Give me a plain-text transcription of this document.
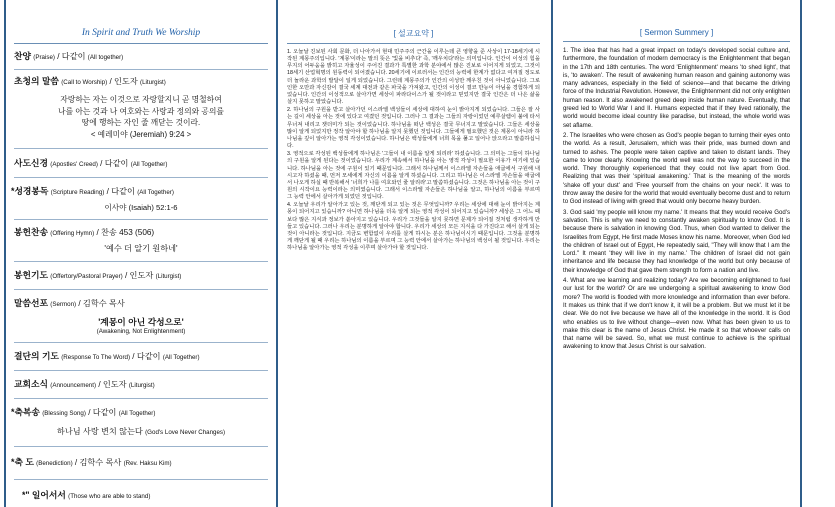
In Spirit and Truth We Worship
찬양 (Praise) / 다같이 (All together)
초청의 말씀 (Call to Worship) / 인도자 (Liturgist)
자랑하는 자는 이것으로 자랑할지니 곧 명철하여
나를 아는 것과 나 여호와는 사랑과 정의와 공의를
땅에 행하는 자인 줄 깨닫는 것이라.
< 예레미야 (Jeremiah) 9:24 >
사도신경 (Apostles' Creed) / 다같이 (All Together)
*성경봉독 (Scripture Reading) / 다같이 (All Together)
이사야 (Isaiah) 52:1-6
봉헌찬송 (Offering Hymn) / 찬송 453 (506)
'예수 더 알기 원하네'
봉헌기도 (Offertory/Pastoral Prayer) / 인도자 (Liturgist)
말씀선포 (Sermon) / 김학수 목사
'계몽이 아닌 각성으로'
(Awakening, Not Enlightenment)
결단의 기도 (Response To The Word) / 다같이 (All Together)
교회소식 (Announcement) / 인도자 (Liturgist)
*축복송 (Blessing Song) / 다같이 (All Together)
하나님 사랑 변치 않는다 (God's Love Never Changes)
*축 도 (Benediction) / 김학수 목사 (Rev. Haksu Kim)
*" 일어서서 (Those who are able to stand)
[ 설교요약 ]

1. 오늘날 진보된 사회 문화, 더 나아가서 현대 민주주의 근간을 이루는데 큰 영향을 준 사상이 17-18세기에 시작된 계몽주의입니다. '계몽'이라는 말의 뜻은 '빛을 비추다' 즉, '깨우치다'라는 의미입니다. 인간이 이성의 힘을 무지의 어두움을 밝히고 자율성이 주어진 결과가 특별한 과학 분야에서 많은 진보로 이어지게 되었고, 그것이 18세기 산업혁명의 원동력이 되어졌습니다. 20세기에 이르러서는 인간의 능력에 한계가 없다고 여겨질 정도로 더 놀라운 과학의 발달이 일게 되었습니다. 그런데 계몽주의가 인간의 이성만 깨우친 것이 아니었습니다. 그로 인한 오만과 자신감이 결국 세계 대전과 같은 파국을 가져왔고, 인간의 이성이 결코 만능이 아님을 경험하게 되었습니다. 인간의 이성적으로 살아가면 세상이 파라다이스가 될 것이라고 믿었지만 결국 인간은 더 나은 삶을 살지 못하고 말았습니다.

2. 하나님의 구원을 받고 살아가던 이스라엘 백성들이 세상에 대하여 눈이 밝아지게 되었습니다. 그들은 잘 사는 길이 세상을 아는 것에 있다고 여겼던 것입니다. 그러나 그 결과는 그들의 자랑이었던 예루살렘이 불에 타서 무너져 내리고 잿더미가 되는 것이었습니다. 하나님을 떠난 백성은 결국 무너지고 말았습니다. 그들은 세상을 많이 알게 되었지만 정작 알아야 할 하나님을 알지 못했던 것입니다. 그들에게 필요했던 것은 계몽이 아니라 하나님을 깊이 알아가는 영적 각성이었습니다. 하나님은 백성들에게 너희 목을 풀고 일어나 앉으라고 말씀하십니다.

3. 영적으로 각성된 백성들에게 하나님은 '그들이 내 이름을 알게 되리라' 하셨습니다. 그 의미는 그들이 하나님의 구원을 알게 된다는 것이었습니다. 우리가 계속해서 하나님을 아는 영적 각성이 필요한 이유가 여기에 있습니다. 하나님을 아는 것에 구원이 있기 때문입니다. 그래서 하나님께서 이스라엘 자손들을 애굽에서 구원해 내시고자 하셨을 때, 먼저 모세에게 자신의 이름을 알게 하셨습니다. 그리고 하나님은 이스라엘 자손들을 애굽에서 나오게 하실 때 반복해서 '너희가 나를 여호와인 줄 알리라'고 말씀하셨습니다. 그것은 하나님을 아는 것이 구원의 시작이요 능력이라는 의미였습니다. 그래서 이스라엘 자손들은 하나님을 알고, 하나님의 이름을 부르며 그 능력 안에서 살아가게 되었던 것입니다.

4. 오늘날 우리가 알아가고 있는 것, 깨닫게 되고 있는 것은 무엇입니까? 우리는 세상에 대해 눈이 밝아지는 계몽이 되어지고 있습니까? 아니면 하나님을 더욱 알게 되는 영적 각성이 되어지고 있습니까? 세상은 그 어느 때보다 많은 지식과 정보가 쏟아지고 있습니다. 우리가 그것들을 알지 못하면 문제가 되어질 것처럼 생각하게 만들고 있습니다. 그러나 우리는 분명하게 알아야 합니다. 우리가 세상의 모든 지식을 다 가진다고 해서 살게 되는 것이 아니라는 것입니다. 지금도 변함없이 우리를 살게 하시는 분은 하나님이시기 때문입니다. 그것을 분명하게 깨닫게 될 때 우리는 하나님의 이름을 부르며 그 능력 안에서 살아가는 하나님의 백성이 될 것입니다. 우리는 하나님을 알아가는 영적 각성을 이루며 살아가야 할 것입니다.

[ Sermon Summery ]

1. The idea that has had a great impact on today's developed social culture and, furthermore, the foundation of modern democracy is the Enlightenment that began in the 17th and 18th centuries. The word 'Enlightenment' means 'to shed light', that is, 'to awaken'. The result of awakening human reason and gaining autonomy was many advances, especially in the field of science—and that became the driving force of the Industrial Revolution. However, the Enlightenment did not only enlighten human reason. It also awakened greed deep inside human nature. Eventually, that greed led to World War I and II. Humans expected that if they lived rationally, the world would become ideal country like paradise, but instead, the whole world was set aflame.

2. The Israelites who were chosen as God's people began to turning their eyes onto the world. As a result, Jerusalem, which was their pride, was burned down and turned to ashes. The people were taken captive and taken to distant lands. They came to know clearly. Knowing the world well was not the way to succeed in the world. They thoroughly experienced that they could not live apart from God. Realizing that was their 'spiritual awakening.' That is the meaning of the words 'shake off your dust' and 'Free yourself from the chains on your neck'. It was to throw away the desire for the world that would eventually become dust and to return to God instead of living with greed that would only become heavy burden.

3. God said 'my people will know my name.' It means that they would receive God's salvation. This is why we need to constantly awaken spiritually to know God. It is because there is salvation in knowing God. Thus, when God wanted to deliver the Israelites from Egypt, He first made Moses know his name. Moreover, when God led the children of Israel out of Egypt, He repeatedly said, "They will know that I am the Lord." It meant 'they will live in my name.' The children of Israel did not gain inheritance and life because they had knowledge of the world but only because of their knowledge of God that gave them strength to form a nation and live.

4. What are we learning and realizing today? Are we becoming enlightened to fuel our lust for the world? Or are we undergoing a spiritual awakening to know God more? The world is flooded with more knowledge and information than ever before. It makes us think that if we don't know it, it will be a problem. But we must let it be clear. We do not live because we have all of the knowledge in the world. It is God who enables us to live without change—even now. What has been given to us to make this clear is the name of Jesus Christ. He made it so that whoever calls on that name will be saved. So, what we must continue to achieve is the spiritual awakening to know that Jesus Christ is our salvation.
